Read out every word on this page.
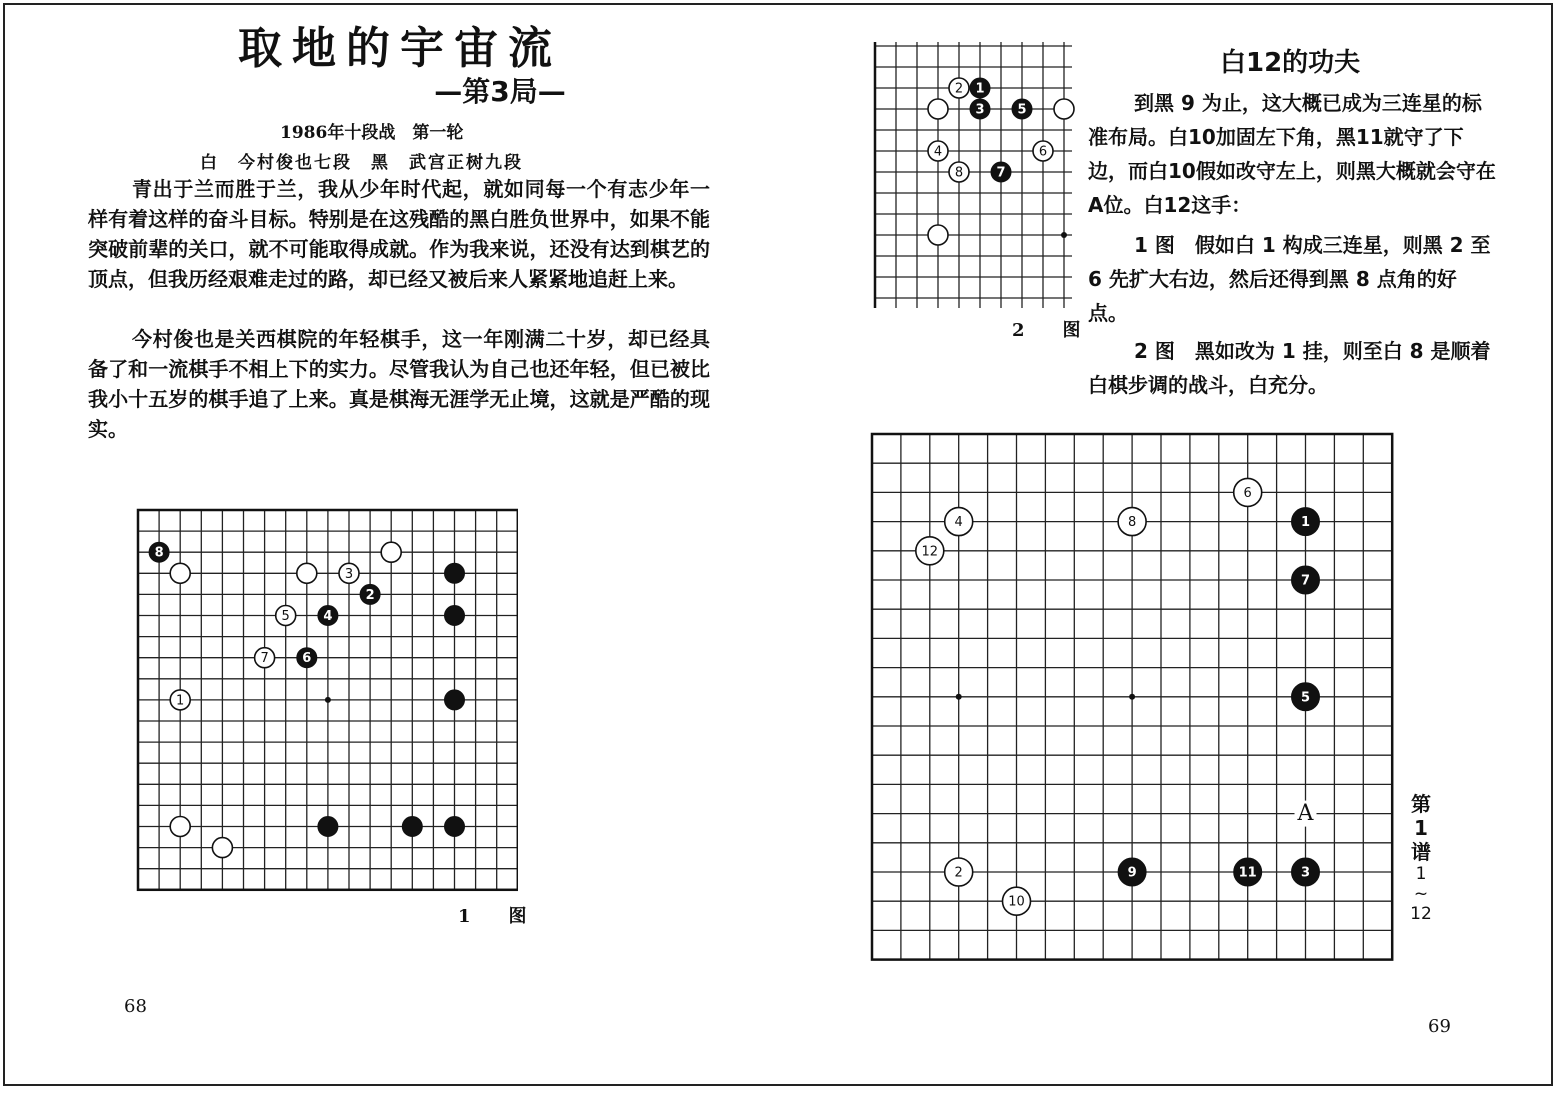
取地的宇宙流
—第3局—
1986年十段战　第一轮
白　今村俊也七段　黑　武宫正树九段
青出于兰而胜于兰，我从少年时代起，就如同每一个有志少年一样有着这样的奋斗目标。特别是在这残酷的黑白胜负世界中，如果不能突破前辈的关口，就不可能取得成就。作为我来说，还没有达到棋艺的顶点，但我历经艰难走过的路，却已经又被后来人紧紧地追赶上来。
今村俊也是关西棋院的年轻棋手，这一年刚满二十岁，却已经具备了和一流棋手不相上下的实力。尽管我认为自己也还年轻，但已被比我小十五岁的棋手追了上来。真是棋海无涯学无止境，这就是严酷的现实。
8
3
2
5	4
7	6
1
1　图
68
2 1
3	5
4	6
8	7
2　图
白12的功夫
到黑 9 为止，这大概已成为三连星的标准布局。白10加固左下角，黑11就守了下边，而白10假如改守左上，则黑大概就会守在A位。白12这手：
1 图　假如白 1 构成三连星，则黑 2 至 6 先扩大右边，然后还得到黑 8 点角的好点。
2 图　黑如改为 1 挂，则至白 8 是顺着白棋步调的战斗，白充分。
6
4	8	1
12
7
5
2	9	11	3
10
A	第
1
谱
1
~
12
69
